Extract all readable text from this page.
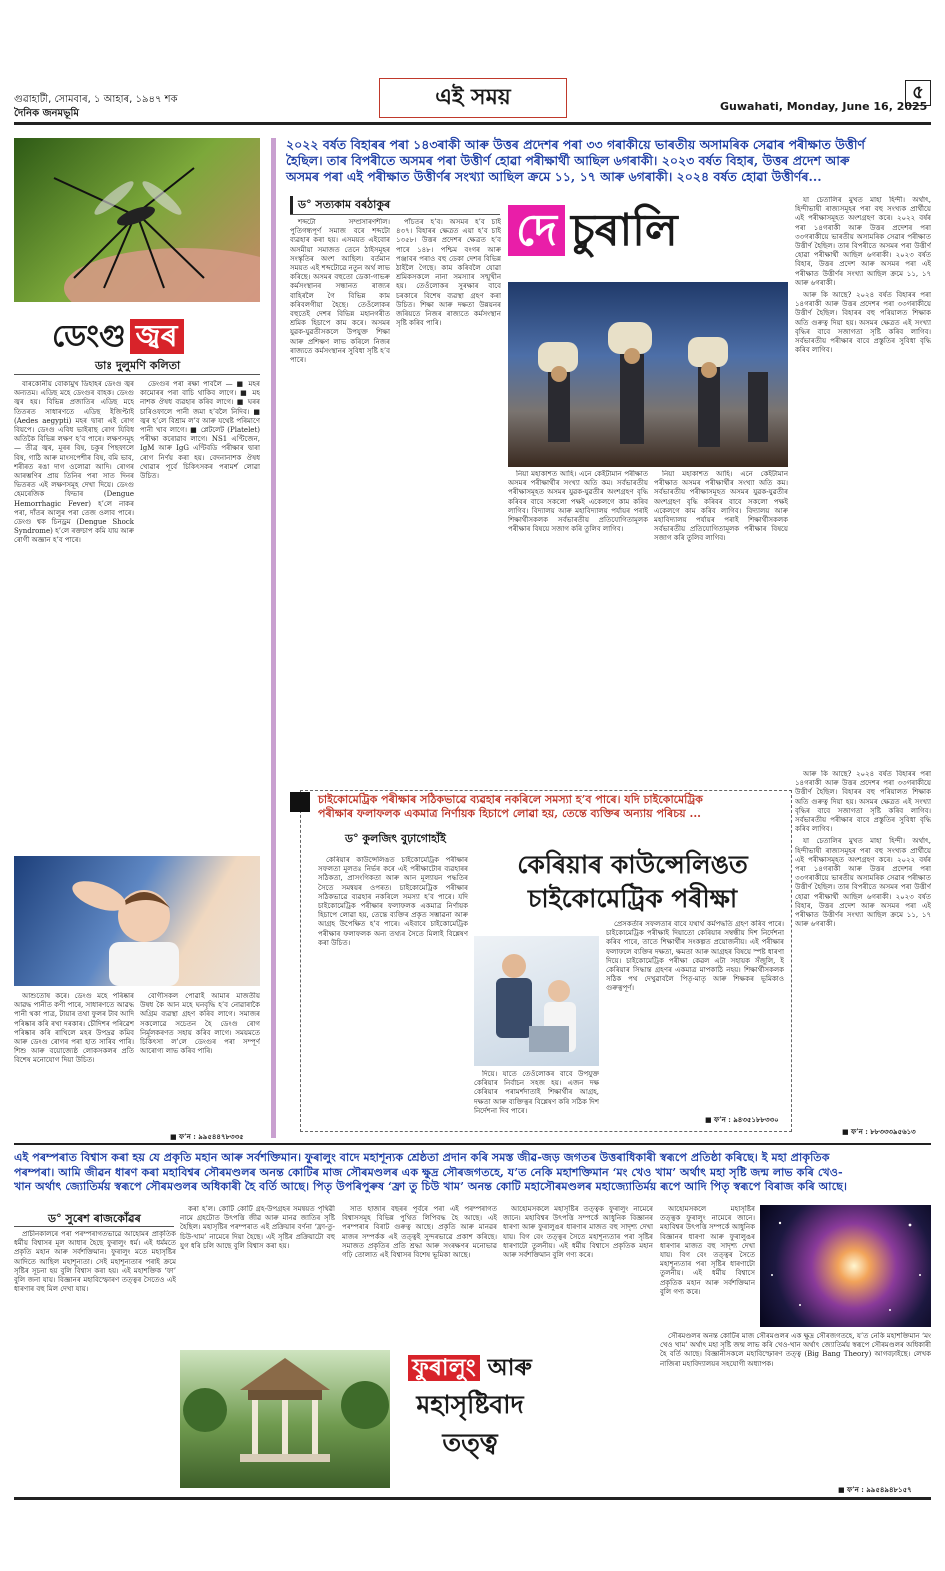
গুৱাহাটী, সোমবাৰ, ১ আহাৰ, ১৯৪৭ শক
দৈনিক জনমভূমি
এই সময়	Guwahati, Monday, June 16, 2025
৫
ডেংগু জ্বৰ
ডাঃ দুলুমণি কলিতা

বাৰকোনীয় বোকামুখ ডিহাহৰ ডেংগু জ্বৰ অন্যতম। এডিছ মহে ডেংগুৰ বাহক। ডেংগু জ্বৰ হয়। বিভিন্ন প্ৰজাতিৰ এডিছ মহে তিতৰত সাধাৰণতে এডিছ ইজিপ্টাই (Aedes aegypti) মহৰ দ্বাৰা এই ৰোগ বিয়পে। ডেংগু এবিধ ভাইৰাছ ৰোগ যিবিধ অতিকৈ বিভিন্ন লক্ষণ হ’ব পাৰে। লক্ষণসমূহ — তীব্ৰ জ্বৰ, মূৰৰ বিষ, চকুৰ পিছফালে বিষ, গাঠি আৰু মাংসপেশীৰ বিষ, বমি ভাব, শৰীৰত ৰঙা দাগ ওলোৱা আদি। ৰোগৰ আৰম্ভণিৰ প্ৰায় তিনিৰ পৰা সাত দিনৰ ভিতৰত এই লক্ষণসমূহ দেখা দিয়ে। ডেংগু হেমৰেজিক ফিভাৰ (Dengue Hemorrhagic Fever) হ’লে নাকৰ পৰা, দাঁতৰ আলুৰ পৰা তেজ ওলাব পাৰে। ডেংগু শ্বক চিনড্ৰম (Dengue Shock Syndrome) হ’লে ৰক্তচাপ কমি যায় আৰু ৰোগী অজ্ঞান হ’ব পাৰে।

ডেংগুৰ পৰা ৰক্ষা পাবলৈ — ■ মহৰ কামোৰৰ পৰা বাচি থাকিব লাগে। ■ মহ নাশক ঔষধ ব্যৱহাৰ কৰিব লাগে। ■ ঘৰৰ চাৰিওফালে পানী জমা হ’বলৈ নিদিব। ■ জ্বৰ হ’লে বিশ্ৰাম ল’ব আৰু যথেষ্ট পৰিমাণে পানী খাব লাগে। ■ প্লেটলেট (Platelet) পৰীক্ষা কৰোৱাব লাগে। NS1 এণ্টিজেন, IgM আৰু IgG এণ্টিবডি পৰীক্ষাৰ দ্বাৰা ৰোগ নিৰ্ণয় কৰা হয়। বেদনানাশক ঔষধ খোৱাৰ পূৰ্বে চিকিৎসকৰ পৰামৰ্শ লোৱা উচিত।

আশুতোষ কৰে। ডেংগু মহে পৰিষ্কাৰ আৱদ্ধ পানীত কণী পাৰে, সাধাৰণতে আৱদ্ধ পানী থকা পাত্ৰ, টায়াৰ তথা ফুলৰ টাব আদি পৰিষ্কাৰ কৰি ৰখা দৰকাৰ। চৌদিশৰ পৰিৱেশ পৰিষ্কাৰ কৰি ৰাখিলে মহৰ উপদ্ৰৱ কমিব আৰু ডেংগু ৰোগৰ পৰা হাত সাৰিব পাৰি। শিশু আৰু বয়োজ্যেষ্ঠ লোকসকলৰ প্ৰতি বিশেষ মনোযোগ দিয়া উচিত।

বোগীসকল পোৱাই আমাৰ মাজতীয় উষধ কৈ আন মহে ঘনবৃদ্ধি হ’ব নোৱাৰাকৈ অগ্ৰিম ব্যৱস্থা গ্ৰহণ কৰিব লাগে। সমাজৰ সকলোৱে সচেতন হৈ ডেংগু ৰোগ নিৰ্মূলকৰণত সহায় কৰিব লাগে। সময়মতে চিকিৎসা ল’লে ডেংগুৰ পৰা সম্পূৰ্ণ আৰোগ্য লাভ কৰিব পাৰি।

■ ফ’ন : ৯৯৫৪৪৭৮৩৩৫
২০২২ বৰ্ষত বিহাৰৰ পৰা ১৪৩ৰাকী আৰু উত্তৰ প্ৰদেশৰ পৰা ৩৩ গৰাকীয়ে ভাৰতীয় অসামৰিক সেৱাৰ পৰীক্ষাত উত্তীৰ্ণ
হৈছিল। তাৰ বিপৰীতে অসমৰ পৰা উত্তীৰ্ণ হোৱা পৰীক্ষাৰ্থী আছিল ৬গৰাকী। ২০২৩ বৰ্ষত বিহাৰ, উত্তৰ প্ৰদেশ আৰু
অসমৰ পৰা এই পৰীক্ষাত উত্তীৰ্ণৰ সংখ্যা আছিল ক্ৰমে ১১, ১৭ আৰু ৬গৰাকী। ২০২৪ বৰ্ষত হোৱা উত্তীৰ্ণৰ...
ড° সত্যকাম বৰঠাকুৰ

শব্দটো সম্প্ৰসাৰণশীল। পুতিগন্ধপূৰ্ণ সমাজ বৰে শব্দটো ব্যৱহাৰ কৰা হয়। এসময়ত এইবোৰ অসমীয়া সমাজত তেনে ঠাইসমূহৰ সংস্কৃতিৰ অংশ আছিল। বৰ্তমান সময়ত এই শব্দটোৱে নতুন অৰ্থ লাভ কৰিছে। অসমৰ বহুতো ডেকা-গাভৰু কৰ্মসংস্থানৰ সন্ধানত ৰাজ্যৰ বাহিৰলৈ গৈ বিভিন্ন কাম কৰিবলগীয়া হৈছে। তেওঁলোকৰ বহুতেই দেশৰ বিভিন্ন মহানগৰীত শ্ৰমিক হিচাপে কাম কৰে। অসমৰ যুৱক-যুৱতীসকলে উপযুক্ত শিক্ষা আৰু প্ৰশিক্ষণ লাভ কৰিলে নিজৰ ৰাজ্যতে কৰ্মসংস্থানৰ সুবিধা সৃষ্টি হ’ব পাৰে।

পাঁচতৰ হ’ব। অসমৰ হ’ব চাই ৪৩৭। বিহাৰৰ ক্ষেত্ৰত এয়া হ’ব চাই ১৩৫৮। উত্তৰ প্ৰদেশৰ ক্ষেত্ৰত হ’ব পাৰে ১৪৮। পশ্চিম বংগৰ আৰু পঞ্জাবৰ পৰাও বহু ডেকা দেশৰ বিভিন্ন ঠাইলৈ গৈছে। কাম কৰিবলৈ যোৱা শ্ৰমিকসকলে নানা সমস্যাৰ সন্মুখীন হয়। তেওঁলোকৰ সুৰক্ষাৰ বাবে চৰকাৰে বিশেষ ব্যৱস্থা গ্ৰহণ কৰা উচিত। শিক্ষা আৰু দক্ষতা উন্নয়নৰ জৰিয়তে নিজৰ ৰাজ্যতে কৰ্মসংস্থান সৃষ্টি কৰিব পাৰি।

দে চুৰালি

নিয়া মহাকাশত আহি। এনে কেইটামান পৰীক্ষাত অসমৰ পৰীক্ষাৰ্থীৰ সংখ্যা অতি কম। সৰ্বভাৰতীয় পৰীক্ষাসমূহত অসমৰ যুৱক-যুৱতীৰ অংশগ্ৰহণ বৃদ্ধি কৰিবৰ বাবে সকলো পক্ষই একেলগে কাম কৰিব লাগিব। বিদ্যালয় আৰু মহাবিদ্যালয় পৰ্যায়ৰ পৰাই শিক্ষাৰ্থীসকলক সৰ্বভাৰতীয় প্ৰতিযোগিতামূলক পৰীক্ষাৰ বিষয়ে সজাগ কৰি তুলিব লাগিব।

নিয়া মহাকাশত আহি। এনে কেইটামান পৰীক্ষাত অসমৰ পৰীক্ষাৰ্থীৰ সংখ্যা অতি কম। সৰ্বভাৰতীয় পৰীক্ষাসমূহত অসমৰ যুৱক-যুৱতীৰ অংশগ্ৰহণ বৃদ্ধি কৰিবৰ বাবে সকলো পক্ষই একেলগে কাম কৰিব লাগিব। বিদ্যালয় আৰু মহাবিদ্যালয় পৰ্যায়ৰ পৰাই শিক্ষাৰ্থীসকলক সৰ্বভাৰতীয় প্ৰতিযোগিতামূলক পৰীক্ষাৰ বিষয়ে সজাগ কৰি তুলিব লাগিব।

যা চেতালিৰ মুখত মাহা হিন্দী। অৰ্থাৎ, হিন্দীভাষী ৰাজ্যসমূহৰ পৰা বহু সংখ্যক প্ৰাৰ্থীয়ে এই পৰীক্ষাসমূহত অংশগ্ৰহণ কৰে। ২০২২ বৰ্ষৰ পৰা ১৪গৰাকী আৰু উত্তৰ প্ৰদেশৰ পৰা ৩৩গৰাকীয়ে ভাৰতীয় অসামৰিক সেৱাৰ পৰীক্ষাত উত্তীৰ্ণ হৈছিল। তাৰ বিপৰীতে অসমৰ পৰা উত্তীৰ্ণ হোৱা পৰীক্ষাৰ্থী আছিল ৬গৰাকী। ২০২৩ বৰ্ষত বিহাৰ, উত্তৰ প্ৰদেশ আৰু অসমৰ পৰা এই পৰীক্ষাত উত্তীৰ্ণৰ সংখ্যা আছিল ক্ৰমে ১১, ১৭ আৰু ৬গৰাকী।

আৰু কি আছে? ২০২৪ বৰ্ষত বিহাৰৰ পৰা ১৪গৰাকী আৰু উত্তৰ প্ৰদেশৰ পৰা ৩৩গৰাকীয়ে উত্তীৰ্ণ হৈছিল। বিহাৰৰ বহু পৰিয়ালত শিক্ষাক অতি গুৰুত্ব দিয়া হয়। অসমৰ ক্ষেত্ৰত এই সংখ্যা বৃদ্ধিৰ বাবে সজাগতা সৃষ্টি কৰিব লাগিব। সৰ্বভাৰতীয় পৰীক্ষাৰ বাবে প্ৰস্তুতিৰ সুবিধা বৃদ্ধি কৰিব লাগিব।

চাইকোমেট্ৰিক পৰীক্ষাৰ সঠিকভাৱে ব্যৱহাৰ নকৰিলে সমস্যা হ’ব পাৰে। যদি চাইকোমেট্ৰিক
পৰীক্ষাৰ ফলাফলক একমাত্ৰ নিৰ্ণায়ক হিচাপে লোৱা হয়, তেন্তে ব্যক্তিৰ অন্যায় পৰিচয় ...
ড° কুলজিৎ বুঢ়াগোহাঁই
কেৰিয়াৰ কাউন্সেলিঙত
চাইকোমেট্ৰিক পৰীক্ষা

কেৰিয়াৰ কাউন্সেলিঙত চাইকোমেট্ৰিক পৰীক্ষাৰ সফলতা মূলতঃ নিৰ্ভৰ কৰে এই পৰীক্ষাটোৰ ব্যৱহাৰৰ সঠিকতা, প্ৰাসংগিকতা আৰু আন মূল্যায়ন পদ্ধতিৰ সৈতে সমন্বয়ৰ ওপৰত। চাইকোমেট্ৰিক পৰীক্ষাৰ সঠিকভাৱে ব্যৱহাৰ নকৰিলে সমস্যা হ’ব পাৰে। যদি চাইকোমেট্ৰিক পৰীক্ষাৰ ফলাফলক একমাত্ৰ নিৰ্ণায়ক হিচাপে লোৱা হয়, তেন্তে ব্যক্তিৰ প্ৰকৃত সম্ভাৱনা আৰু আগ্ৰহ উপেক্ষিত হ’ব পাৰে। এইবাবে চাইকোমেট্ৰিক পৰীক্ষাৰ ফলাফলক অন্য তথ্যৰ সৈতে মিলাই বিশ্লেষণ কৰা উচিত।

দিয়ে। যাতে তেওঁলোকৰ বাবে উপযুক্ত কেৰিয়াৰ নিৰ্বাচন সহজ হয়। এজন দক্ষ কেৰিয়াৰ পৰামৰ্শদাতাই শিক্ষাৰ্থীৰ আগ্ৰহ, দক্ষতা আৰু ব্যক্তিত্বৰ বিশ্লেষণ কৰি সঠিক দিশ নিৰ্দেশনা দিব পাৰে।

প্ৰেসকৰ্তাৰ সফলতাৰ বাবে যথাৰ্থ কৰ্মপদ্ধতি গ্ৰহণ কৰিব পাৰে। চাইকোমেট্ৰিক পৰীক্ষাই দিয়াতো কেৰিয়াৰ সম্বন্ধীয় দিশ নিৰ্দেশনা কৰিব পাৰে, তাতে শিক্ষাৰ্থীৰ সংকল্পত প্ৰয়োজনীয়। এই পৰীক্ষাৰ ফলাফলে ব্যক্তিৰ দক্ষতা, ক্ষমতা আৰু আগ্ৰহৰ বিষয়ে স্পষ্ট ধাৰণা দিয়ে। চাইকোমেট্ৰিক পৰীক্ষা কেৱল এটা সহায়ক সঁজুলি, ই কেৰিয়াৰ সিদ্ধান্ত গ্ৰহণৰ একমাত্ৰ মাপকাঠি নহয়। শিক্ষাৰ্থীসকলক সঠিক পথ দেখুৱাবলৈ পিতৃ-মাতৃ আৰু শিক্ষকৰ ভূমিকাও গুৰুত্বপূৰ্ণ।

■ ফ’ন : ৯৪৩৫১৮৮৩৩০

আৰু কি আছে? ২০২৪ বৰ্ষত বিহাৰৰ পৰা ১৪গৰাকী আৰু উত্তৰ প্ৰদেশৰ পৰা ৩৩গৰাকীয়ে উত্তীৰ্ণ হৈছিল। বিহাৰৰ বহু পৰিয়ালত শিক্ষাক অতি গুৰুত্ব দিয়া হয়। অসমৰ ক্ষেত্ৰত এই সংখ্যা বৃদ্ধিৰ বাবে সজাগতা সৃষ্টি কৰিব লাগিব। সৰ্বভাৰতীয় পৰীক্ষাৰ বাবে প্ৰস্তুতিৰ সুবিধা বৃদ্ধি কৰিব লাগিব।

যা চেতালিৰ মুখত মাহা হিন্দী। অৰ্থাৎ, হিন্দীভাষী ৰাজ্যসমূহৰ পৰা বহু সংখ্যক প্ৰাৰ্থীয়ে এই পৰীক্ষাসমূহত অংশগ্ৰহণ কৰে। ২০২২ বৰ্ষৰ পৰা ১৪গৰাকী আৰু উত্তৰ প্ৰদেশৰ পৰা ৩৩গৰাকীয়ে ভাৰতীয় অসামৰিক সেৱাৰ পৰীক্ষাত উত্তীৰ্ণ হৈছিল। তাৰ বিপৰীতে অসমৰ পৰা উত্তীৰ্ণ হোৱা পৰীক্ষাৰ্থী আছিল ৬গৰাকী। ২০২৩ বৰ্ষত বিহাৰ, উত্তৰ প্ৰদেশ আৰু অসমৰ পৰা এই পৰীক্ষাত উত্তীৰ্ণৰ সংখ্যা আছিল ক্ৰমে ১১, ১৭ আৰু ৬গৰাকী।

■ ফ’ন : ৮৮৩৩৩৯৫৬১৩
এই পৰম্পৰাত বিশ্বাস কৰা হয় যে প্ৰকৃতি মহান আৰু সৰ্বশক্তিমান। ফুৰালুং বাদে মহাশূন্যক শ্ৰেষ্ঠতা প্ৰদান কৰি সমস্ত জীৱ-জড় জগতৰ উত্তৰাধিকাৰী স্বৰূপে প্ৰতিষ্ঠা কৰিছে। ই মহা প্ৰাকৃতিক
পৰম্পৰা। আমি জীৱন ধাৰণ কৰা মহাবিশ্বৰ সৌৰমণ্ডলৰ অনন্ত কোটিৰ মাজ সৌৰমণ্ডলৰ এক ক্ষুদ্ৰ সৌৰজগতহে, য’ত নেকি মহাশক্তিমান ‘মং খেও খাম’ অৰ্থাৎ মহা সৃষ্টি জন্ম লাভ কৰি খেও-
খান অৰ্থাৎ জ্যোতিৰ্ময় স্বৰূপে সৌৰমণ্ডলৰ অধিকাৰী হৈ বৰ্তি আছে। পিতৃ উপৰিপুৰুষ ‘ফ্ৰা তু চিউ খাম’ অনন্ত কোটি মহাসৌৰমণ্ডলৰ মহাজ্যোতিৰ্ময় ৰূপে আদি পিতৃ স্বৰূপে বিৰাজ কৰি আছে।
ড° সুৰেশ ৰাজকোঁৱৰ

প্ৰাচীনকালৰে পৰা পৰম্পৰাগতভাৱে আহোমৰ প্ৰাকৃতিক ধৰ্মীয় বিশ্বাসৰ মূল আধাৰ হৈছে ফুৰালুং ধৰ্ম। এই ধৰ্মমতে প্ৰকৃতি মহান আৰু সৰ্বশক্তিমান। ফুৰালুং মতে মহাসৃষ্টিৰ আদিতে আছিল মহাশূন্যতা। সেই মহাশূন্যতাৰ পৰাই ক্ৰমে সৃষ্টিৰ সূচনা হয় বুলি বিশ্বাস কৰা হয়। এই মহাশক্তিক ‘ফা’ বুলি জনা যায়। বিজ্ঞানৰ মহাবিস্ফোৰণ তত্ত্বৰ সৈতেও এই ধাৰণাৰ বহু মিল দেখা যায়।

কৰা হ’ল। কোটি কোটি গ্ৰহ-উপগ্ৰহৰ সমন্বয়ত পৃথিৱী নামে গ্ৰহটোত উৎপত্তি জীৱ আৰু মানৱ জাতিৰ সৃষ্টি হৈছিল। মহাসৃষ্টিৰ পৰম্পৰাত এই প্ৰক্ৰিয়াৰ বৰ্ণনা ‘ফ্ৰা-তু-চিউ-খাম’ নামেৰে দিয়া হৈছে। এই সৃষ্টিৰ প্ৰক্ৰিয়াটো বহু যুগ ধৰি চলি আছে বুলি বিশ্বাস কৰা হয়।

সাত হাজাৰ বছৰৰ পূৰ্বৰে পৰা এই পৰম্পৰাগত বিশ্বাসসমূহ বিভিন্ন পুথিত লিপিবদ্ধ হৈ আছে। এই পৰম্পৰাৰ বিৰাট গুৰুত্ব আছে। প্ৰকৃতি আৰু মানৱৰ মাজৰ সম্পৰ্কক এই তত্ত্বই সুন্দৰভাৱে প্ৰকাশ কৰিছে। সমাজত প্ৰকৃতিৰ প্ৰতি শ্ৰদ্ধা আৰু সংৰক্ষণৰ মনোভাৱ গঢ়ি তোলাত এই বিশ্বাসৰ বিশেষ ভূমিকা আছে।

আহোমসকলে মহাসৃষ্টিৰ তত্ত্বক ফুৰালুং নামেৰে জানে। মহাবিশ্বৰ উৎপত্তি সম্পৰ্কে আধুনিক বিজ্ঞানৰ ধাৰণা আৰু ফুৰালুঙৰ ধাৰণাৰ মাজত বহু সাদৃশ্য দেখা যায়। বিগ বেং তত্ত্বৰ সৈতে মহাশূন্যতাৰ পৰা সৃষ্টিৰ ধাৰণাটো তুলনীয়। এই ধৰ্মীয় বিশ্বাসে প্ৰকৃতিক মহান আৰু সৰ্বশক্তিমান বুলি গণ্য কৰে।

ফুৰালুং আৰু
মহাসৃষ্টিবাদ
তত্ত্ব

সৌৰমণ্ডলৰ অনন্ত কোটিৰ মাজ সৌৰমণ্ডলৰ এক ক্ষুদ্ৰ সৌৰজগতহে, য’ত নেকি মহাশক্তিমান ‘মং খেও খাম’ অৰ্থাৎ মহা সৃষ্টি জন্ম লাভ কৰি খেও-খান অৰ্থাৎ জ্যোতিৰ্ময় স্বৰূপে সৌৰমণ্ডলৰ অধিকাৰী হৈ বৰ্তি আছে। বিজ্ঞানীসকলে মহাবিস্ফোৰণ তত্ত্ব (Big Bang Theory) আগবঢ়াইছে। লেখক নাজিৰা মহাবিদ্যালয়ৰ সহযোগী অধ্যাপক।

আহোমসকলে মহাসৃষ্টিৰ তত্ত্বক ফুৰালুং নামেৰে জানে। মহাবিশ্বৰ উৎপত্তি সম্পৰ্কে আধুনিক বিজ্ঞানৰ ধাৰণা আৰু ফুৰালুঙৰ ধাৰণাৰ মাজত বহু সাদৃশ্য দেখা যায়। বিগ বেং তত্ত্বৰ সৈতে মহাশূন্যতাৰ পৰা সৃষ্টিৰ ধাৰণাটো তুলনীয়। এই ধৰ্মীয় বিশ্বাসে প্ৰকৃতিক মহান আৰু সৰ্বশক্তিমান বুলি গণ্য কৰে।

■ ফ’ন : ৯৯৫৪৯৪৮১৫৭
